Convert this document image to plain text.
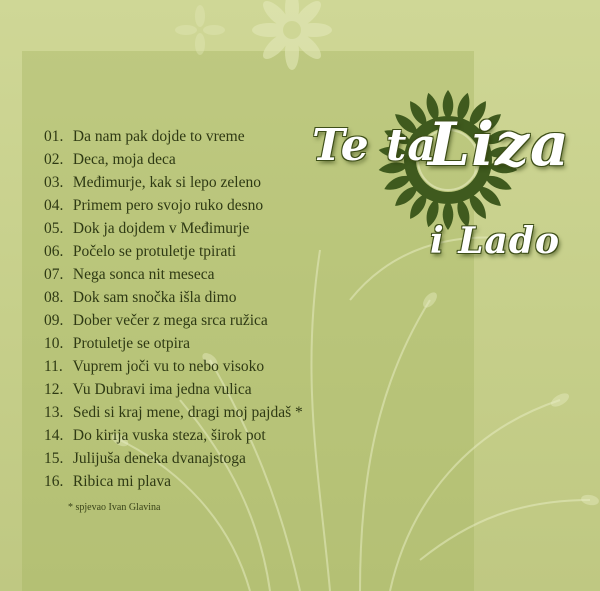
01. Da nam pak dojde to vreme
02. Deca, moja deca
03. Međimurje, kak si lepo zeleno
04. Primem pero svojo ruko desno
05. Dok ja dojdem v Međimurje
06. Počelo se protuletje tpirati
07. Nega sonca nit meseca
08. Dok sam snočka išla dimo
09. Dober večer z mega srca ružica
10. Protuletje se otpira
11. Vuprem joči vu to nebo visoko
12. Vu Dubravi ima jedna vulica
13. Sedi si kraj mene, dragi moj pajdaš *
14. Do kirija vuska steza, širok pot
15. Julijuša deneka dvanajstoga
16. Ribica mi plava
* spjevao Ivan Glavina
Te ta
Liza
i Lado
